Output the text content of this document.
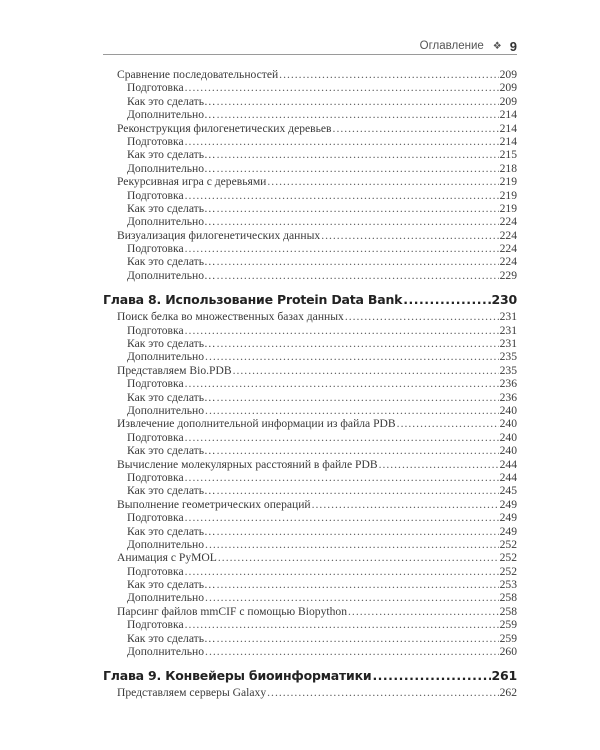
Оглавление ❖ 9
Сравнение последовательностей .....	209
Подготовка .....	209
Как это сделать… .....	209
Дополнительно… .....	214
Реконструкция филогенетических деревьев .....	214
Подготовка .....	214
Как это сделать… .....	215
Дополнительно… .....	218
Рекурсивная игра с деревьями .....	219
Подготовка .....	219
Как это сделать… .....	219
Дополнительно… .....	224
Визуализация филогенетических данных .....	224
Подготовка .....	224
Как это сделать… .....	224
Дополнительно… .....	229
Глава 8. Использование Protein Data Bank .....	230
Поиск белка во множественных базах данных .....	231
Подготовка .....	231
Как это сделать… .....	231
Дополнительно .....	235
Представляем Bio.PDB .....	235
Подготовка .....	236
Как это сделать… .....	236
Дополнительно .....	240
Извлечение дополнительной информации из файла PDB .....	240
Подготовка .....	240
Как это сделать… .....	240
Вычисление молекулярных расстояний в файле PDB .....	244
Подготовка .....	244
Как это сделать… .....	245
Выполнение геометрических операций .....	249
Подготовка .....	249
Как это сделать… .....	249
Дополнительно .....	252
Анимация с PyMOL .....	252
Подготовка .....	252
Как это сделать… .....	253
Дополнительно .....	258
Парсинг файлов mmCIF с помощью Biopython .....	258
Подготовка .....	259
Как это сделать… .....	259
Дополнительно .....	260
Глава 9. Конвейеры биоинформатики .....	261
Представляем серверы Galaxy .....	262
